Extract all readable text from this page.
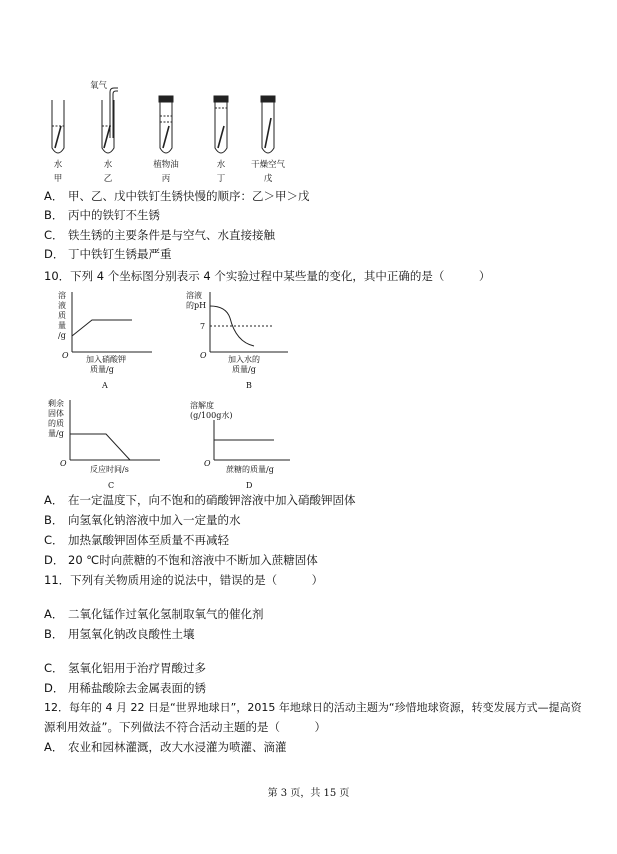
氧气
水	水	植物油	水	干燥空气
甲	乙	丙	丁	戊
A． 甲、乙、戊中铁钉生锈快慢的顺序：乙＞甲＞戊
B． 丙中的铁钉不生锈
C． 铁生锈的主要条件是与空气、水直接接触
D． 丁中铁钉生锈最严重
10．下列 4 个坐标图分别表示 4 个实验过程中某些量的变化，其中正确的是（　　　）
溶
液
质
量
/g
O 加入硝酸钾
质量/g
A
溶液
的pH
7
O	加入水的
质量/g
B
剩余
固体
的质
量/g
O
反应时间/s
C
溶解度
(g/100g水)
O
蔗糖的质量/g
D
A． 在一定温度下，向不饱和的硝酸钾溶液中加入硝酸钾固体
B． 向氢氧化钠溶液中加入一定量的水
C． 加热氯酸钾固体至质量不再减轻
D． 20 ℃时向蔗糖的不饱和溶液中不断加入蔗糖固体
11．下列有关物质用途的说法中，错误的是（　　　）
A． 二氧化锰作过氧化氢制取氧气的催化剂
B． 用氢氧化钠改良酸性土壤
C． 氢氧化铝用于治疗胃酸过多
D． 用稀盐酸除去金属表面的锈
12．每年的 4 月 22 日是“世界地球日”，2015 年地球日的活动主题为“珍惜地球资源，转变发展方式—提高资
源利用效益”。下列做法不符合活动主题的是（　　　）
A． 农业和园林灌溉，改大水浸灌为喷灌、滴灌
第 3 页，共 15 页
